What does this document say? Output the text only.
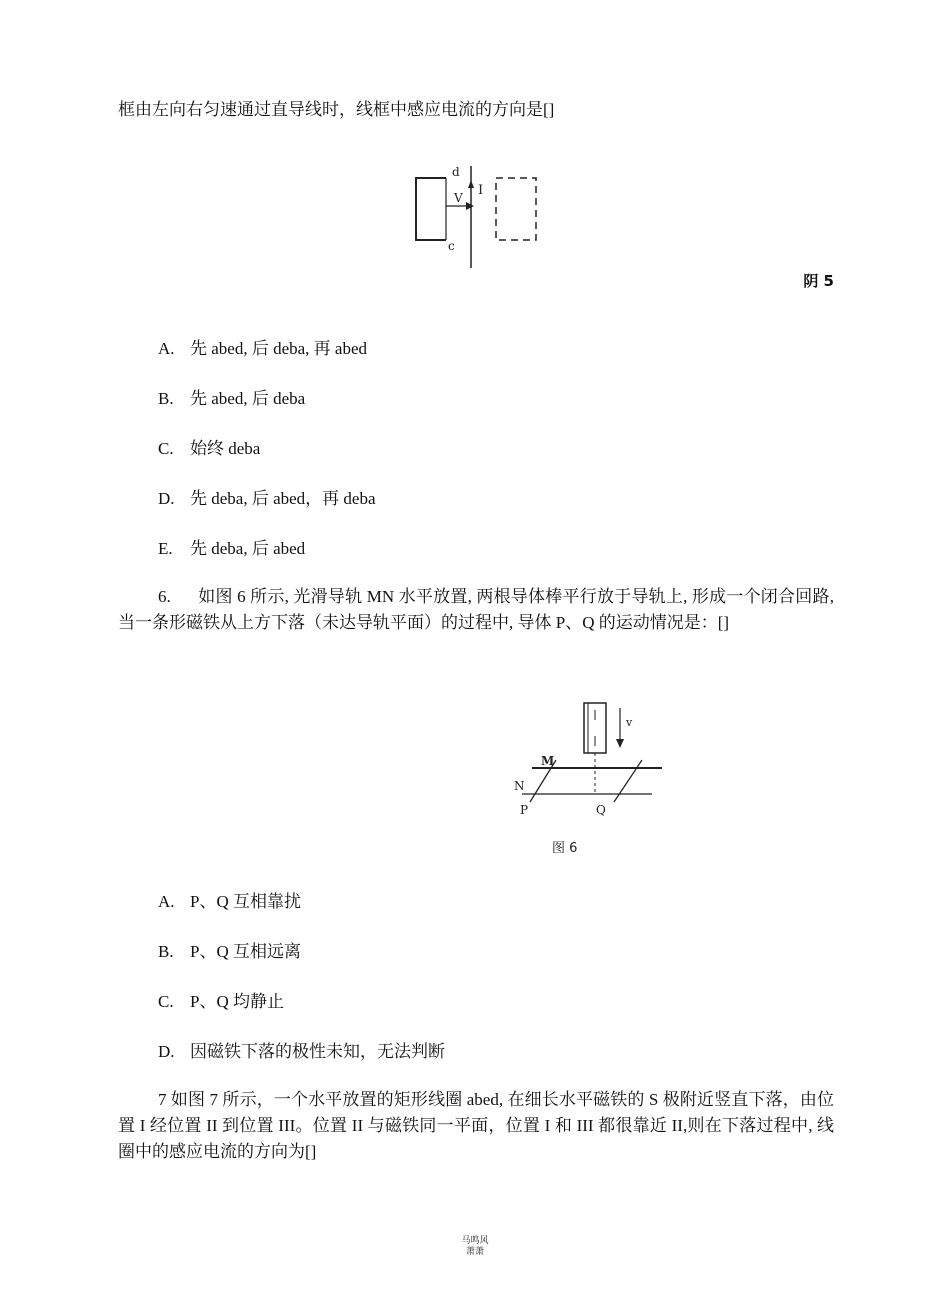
框由左向右匀速通过直导线时，线框中感应电流的方向是[]
d
V I
c
阴 5
A. 先 abed, 后 deba, 再 abed
B. 先 abed, 后 deba
C. 始终 deba
D. 先 deba, 后 abed，再 deba
E. 先 deba, 后 abed
6. 如图 6 所示, 光滑导轨 MN 水平放置, 两根导体棒平行放于导轨上, 形成一个闭合回路, 当一条形磁铁从上方下落（未达导轨平面）的过程中, 导体 P、Q 的运动情况是：[]
v
M
N
P	Q
图 6
A. P、Q 互相靠扰
B. P、Q 互相远离
C. P、Q 均静止
D. 因磁铁下落的极性未知，无法判断
7 如图 7 所示，一个水平放置的矩形线圈 abed, 在细长水平磁铁的 S 极附近竖直下落，由位置 I 经位置 II 到位置 III。位置 II 与磁铁同一平面，位置 I 和 III 都很靠近 II,则在下落过程中, 线圈中的感应电流的方向为[]
马鸣风
萧萧
